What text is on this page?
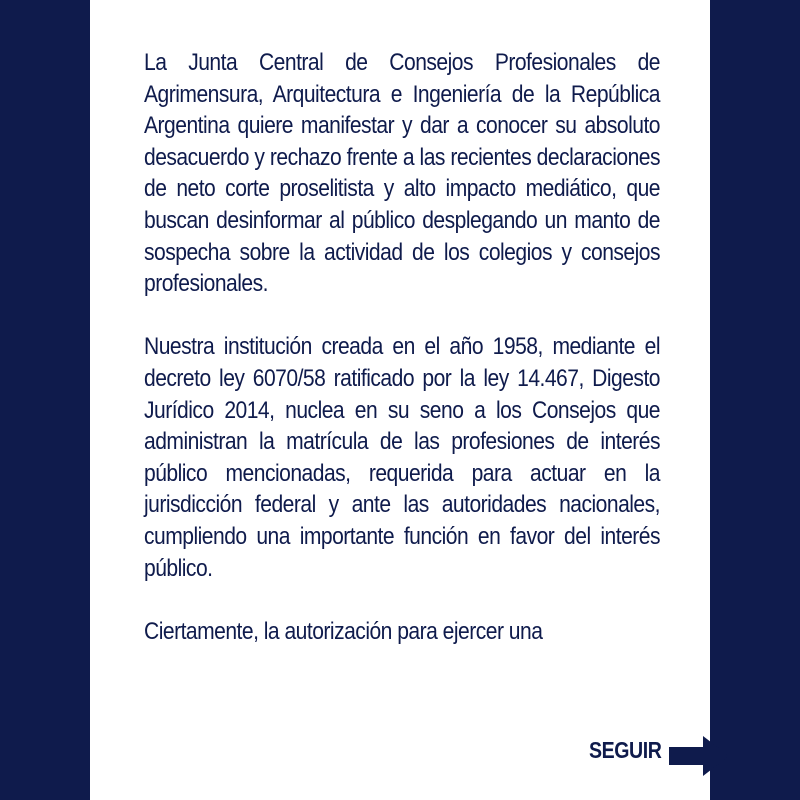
La Junta Central de Consejos Profesionales de Agrimensura, Arquitectura e Ingeniería de la República Argentina quiere manifestar y dar a conocer su absoluto desacuerdo y rechazo frente a las recientes declaraciones de neto corte proselitista y alto impacto mediático, que buscan desinformar al público desplegando un manto de sospecha sobre la actividad de los colegios y consejos profesionales.

Nuestra institución creada en el año 1958, mediante el decreto ley 6070/58 ratificado por la ley 14.467, Digesto Jurídico 2014, nuclea en su seno a los Consejos que administran la matrícula de las profesiones de interés público mencionadas, requerida para actuar en la jurisdicción federal y ante las autoridades nacionales, cumpliendo una importante función en favor del interés público.

Ciertamente, la autorización para ejercer una

SEGUIR
